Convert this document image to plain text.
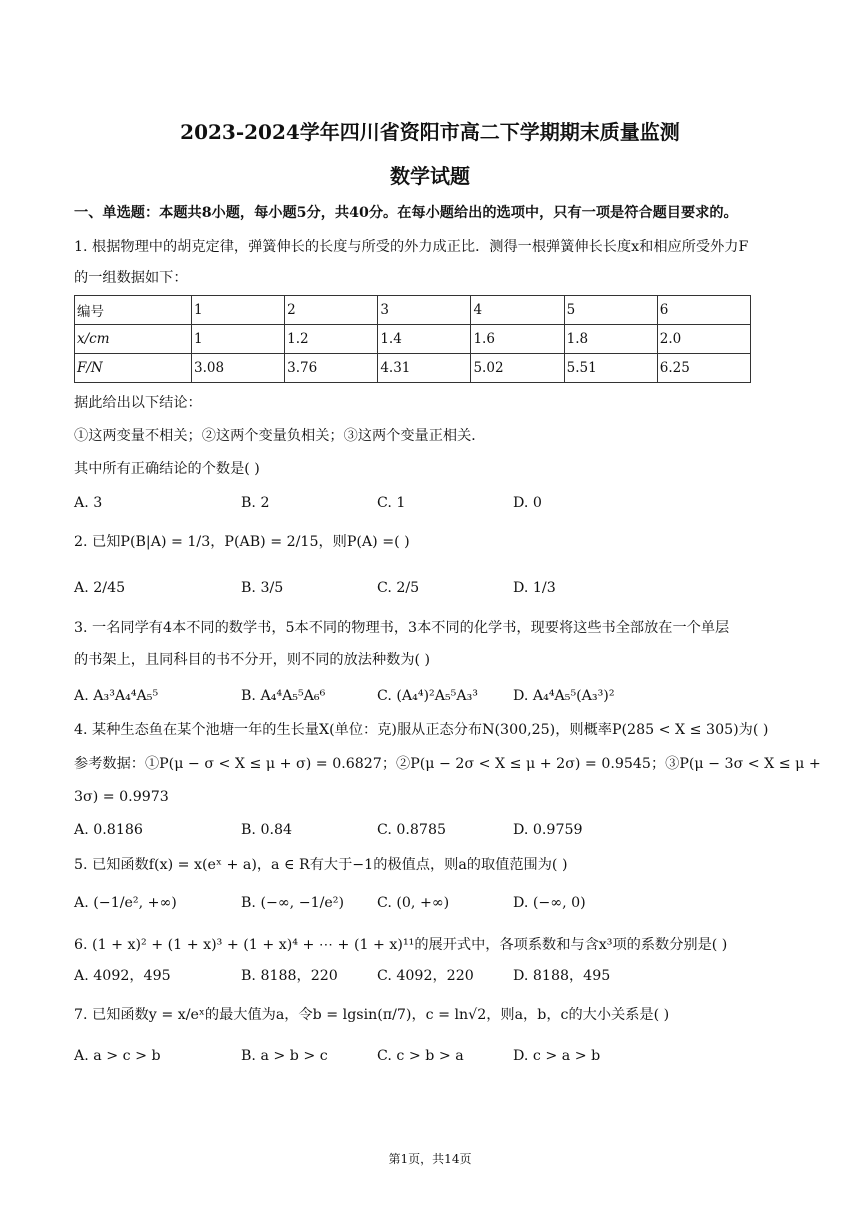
2023-2024学年四川省资阳市高二下学期期末质量监测
数学试题
一、单选题：本题共8小题，每小题5分，共40分。在每小题给出的选项中，只有一项是符合题目要求的。
1. 根据物理中的胡克定律，弹簧伸长的长度与所受的外力成正比．测得一根弹簧伸长长度x和相应所受外力F
的一组数据如下：
编号	1	2	3	4	5	6
x/cm	1	1.2	1.4	1.6	1.8	2.0
F/N	3.08	3.76	4.31	5.02	5.51	6.25
据此给出以下结论：
①这两变量不相关；②这两个变量负相关；③这两个变量正相关．
其中所有正确结论的个数是( )
A. 3	B. 2	C. 1	D. 0
2. 已知P(B|A) = 1/3，P(AB) = 2/15，则P(A) =( )
A. 2/45	B. 3/5	C. 2/5	D. 1/3
3. 一名同学有4本不同的数学书，5本不同的物理书，3本不同的化学书，现要将这些书全部放在一个单层
的书架上，且同科目的书不分开，则不同的放法种数为( )
A. A₃³A₄⁴A₅⁵	B. A₄⁴A₅⁵A₆⁶	C. (A₄⁴)²A₅⁵A₃³ D. A₄⁴A₅⁵(A₃³)²
4. 某种生态鱼在某个池塘一年的生长量X(单位：克)服从正态分布N(300,25)，则概率P(285 < X ≤ 305)为( )
参考数据：①P(μ − σ < X ≤ μ + σ) = 0.6827；②P(μ − 2σ < X ≤ μ + 2σ) = 0.9545；③P(μ − 3σ < X ≤ μ +
3σ) = 0.9973
A. 0.8186	B. 0.84	C. 0.8785	D. 0.9759
5. 已知函数f(x) = x(eˣ + a)，a ∈ R有大于−1的极值点，则a的取值范围为( )
A. (−1/e², +∞)	B. (−∞, −1/e²) C. (0, +∞)	D. (−∞, 0)
6. (1 + x)² + (1 + x)³ + (1 + x)⁴ + ⋯ + (1 + x)¹¹的展开式中，各项系数和与含x³项的系数分别是( )
A. 4092，495	B. 8188，220	C. 4092，220	D. 8188，495
7. 已知函数y = x/eˣ的最大值为a，令b = lgsin(π/7)，c = ln√2，则a，b，c的大小关系是( )
A. a > c > b	B. a > b > c	C. c > b > a	D. c > a > b
第1页，共14页
